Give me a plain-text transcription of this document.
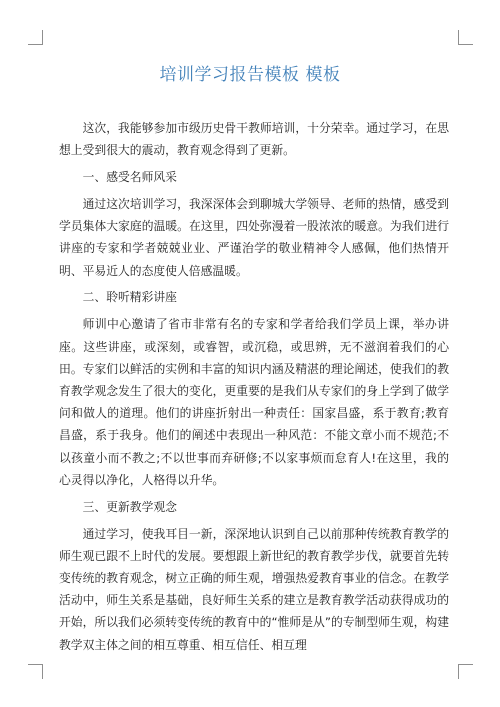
培训学习报告模板 模板

这次，我能够参加市级历史骨干教师培训，十分荣幸。通过学习，在思想上受到很大的震动，教育观念得到了更新。

一、感受名师风采

通过这次培训学习，我深深体会到聊城大学领导、老师的热情，感受到学员集体大家庭的温暖。在这里，四处弥漫着一股浓浓的暖意。为我们进行讲座的专家和学者兢兢业业、严谨治学的敬业精神令人感佩，他们热情开明、平易近人的态度使人倍感温暖。

二、聆听精彩讲座

师训中心邀请了省市非常有名的专家和学者给我们学员上课，举办讲座。这些讲座，或深刻，或睿智，或沉稳，或思辨，无不滋润着我们的心田。专家们以鲜活的实例和丰富的知识内涵及精湛的理论阐述，使我们的教育教学观念发生了很大的变化，更重要的是我们从专家们的身上学到了做学问和做人的道理。他们的讲座折射出一种责任：国家昌盛，系于教育;教育昌盛，系于我身。他们的阐述中表现出一种风范：不能文章小而不规范;不以孩童小而不教之;不以世事而弃研修;不以家事烦而怠育人!在这里，我的心灵得以净化，人格得以升华。

三、更新教学观念

通过学习，使我耳目一新，深深地认识到自己以前那种传统教育教学的师生观已跟不上时代的发展。要想跟上新世纪的教育教学步伐，就要首先转变传统的教育观念，树立正确的师生观，增强热爱教育事业的信念。在教学活动中，师生关系是基础，良好师生关系的建立是教育教学活动获得成功的开始，所以我们必须转变传统的教育中的“惟师是从”的专制型师生观，构建教学双主体之间的相互尊重、相互信任、相互理
